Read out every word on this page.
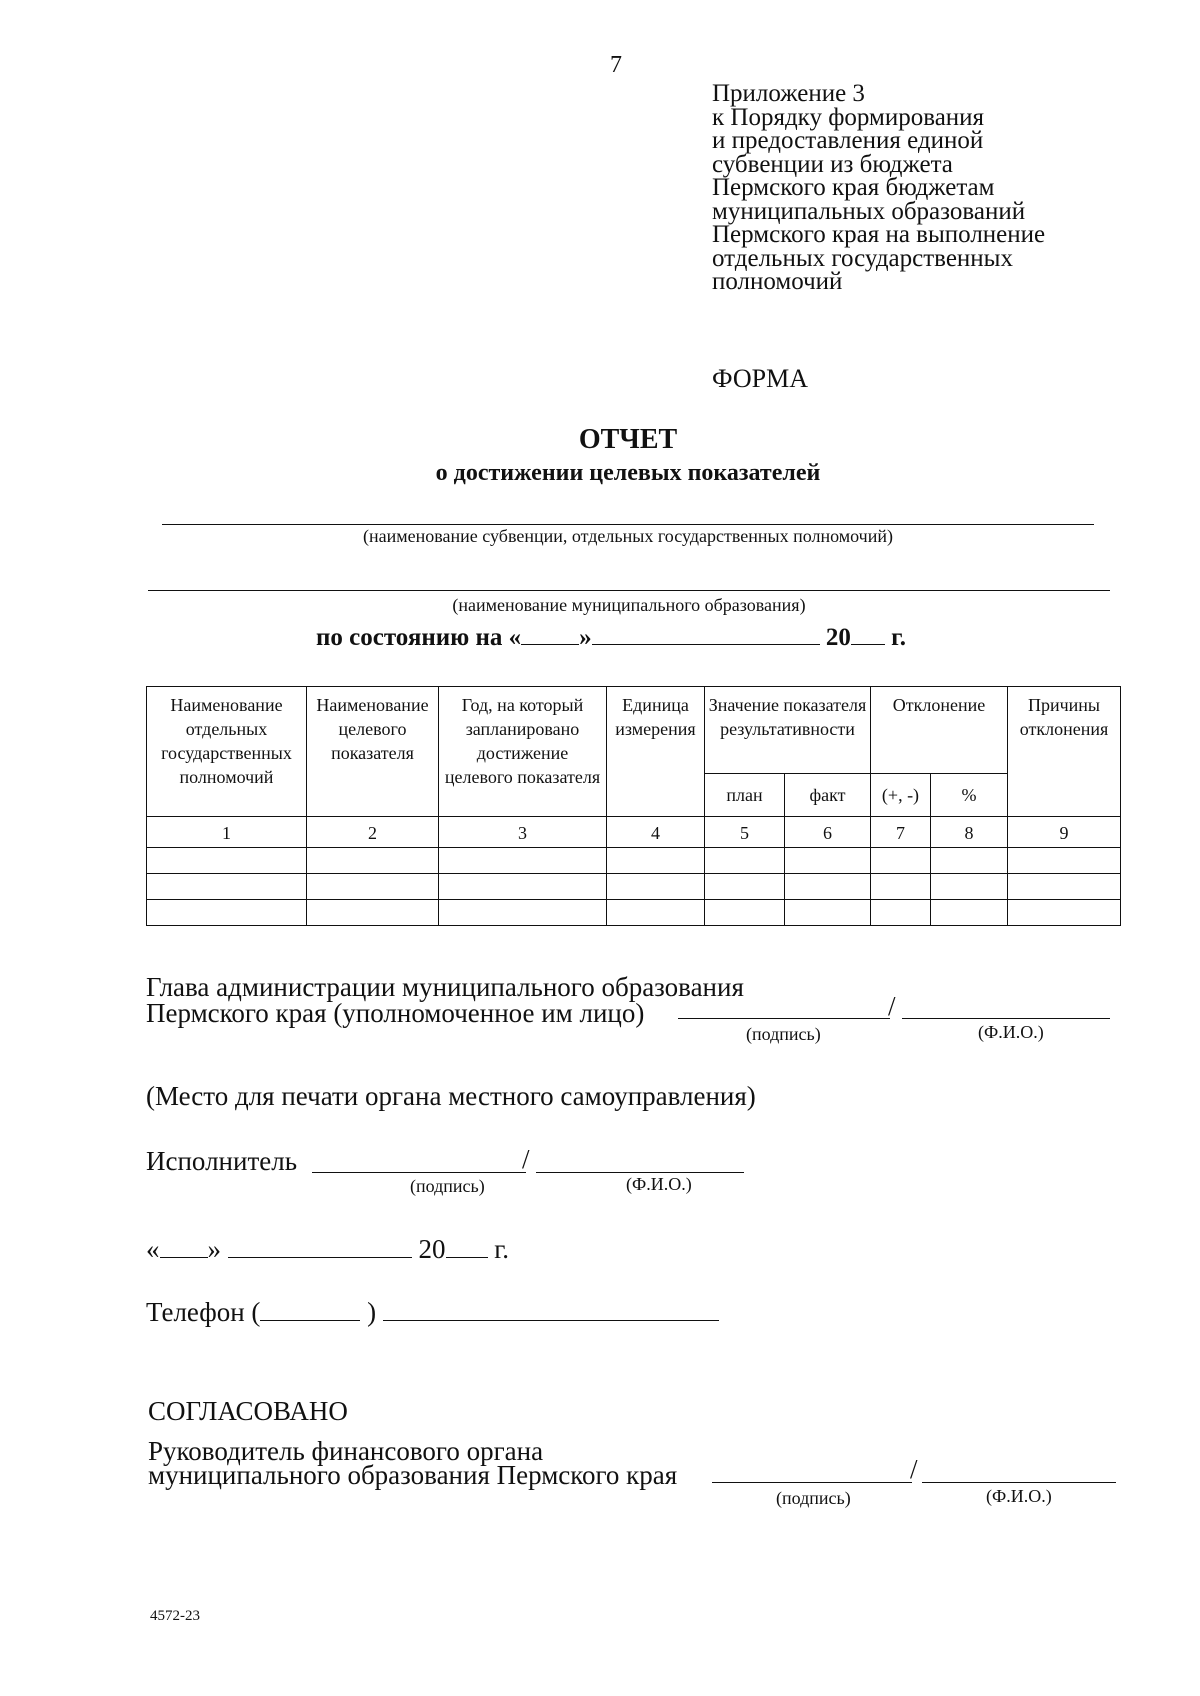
7
Приложение 3
к Порядку формирования
и предоставления единой
субвенции из бюджета
Пермского края бюджетам
муниципальных образований
Пермского края на выполнение
отдельных государственных
полномочий
ФОРМА
ОТЧЕТ
о достижении целевых показателей
(наименование субвенции, отдельных государственных полномочий)
(наименование муниципального образования)
по состоянию на « »	20 г.
Наименование отдельных государственных полномочий	Наименование целевого показателя	Год, на который запланировано достижение целевого показателя	Единица измерения	Значение показателя результативности		Отклонение		Причины отклонения
				план	факт	(+, -)	%	
1	2	3	4	5	6	7	8	9

Глава администрации муниципального образования
Пермского края (уполномоченное им лицо)	/
(подпись)	(Ф.И.О.)
(Место для печати органа местного самоуправления)
Исполнитель	/
(подпись)	(Ф.И.О.)
« »	20 г.
Телефон (	)
СОГЛАСОВАНО
Руководитель финансового органа
муниципального образования Пермского края	/
(подпись)	(Ф.И.О.)
4572-23
